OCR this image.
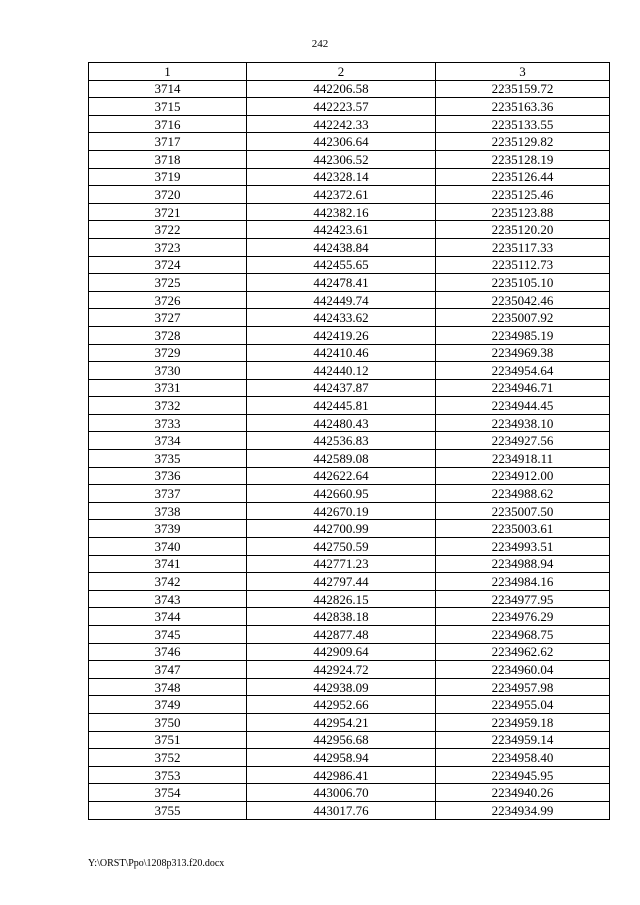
242
1	2	3
3714	442206.58	2235159.72
3715	442223.57	2235163.36
3716	442242.33	2235133.55
3717	442306.64	2235129.82
3718	442306.52	2235128.19
3719	442328.14	2235126.44
3720	442372.61	2235125.46
3721	442382.16	2235123.88
3722	442423.61	2235120.20
3723	442438.84	2235117.33
3724	442455.65	2235112.73
3725	442478.41	2235105.10
3726	442449.74	2235042.46
3727	442433.62	2235007.92
3728	442419.26	2234985.19
3729	442410.46	2234969.38
3730	442440.12	2234954.64
3731	442437.87	2234946.71
3732	442445.81	2234944.45
3733	442480.43	2234938.10
3734	442536.83	2234927.56
3735	442589.08	2234918.11
3736	442622.64	2234912.00
3737	442660.95	2234988.62
3738	442670.19	2235007.50
3739	442700.99	2235003.61
3740	442750.59	2234993.51
3741	442771.23	2234988.94
3742	442797.44	2234984.16
3743	442826.15	2234977.95
3744	442838.18	2234976.29
3745	442877.48	2234968.75
3746	442909.64	2234962.62
3747	442924.72	2234960.04
3748	442938.09	2234957.98
3749	442952.66	2234955.04
3750	442954.21	2234959.18
3751	442956.68	2234959.14
3752	442958.94	2234958.40
3753	442986.41	2234945.95
3754	443006.70	2234940.26
3755	443017.76	2234934.99
Y:\ORST\Ppo\1208p313.f20.docx
